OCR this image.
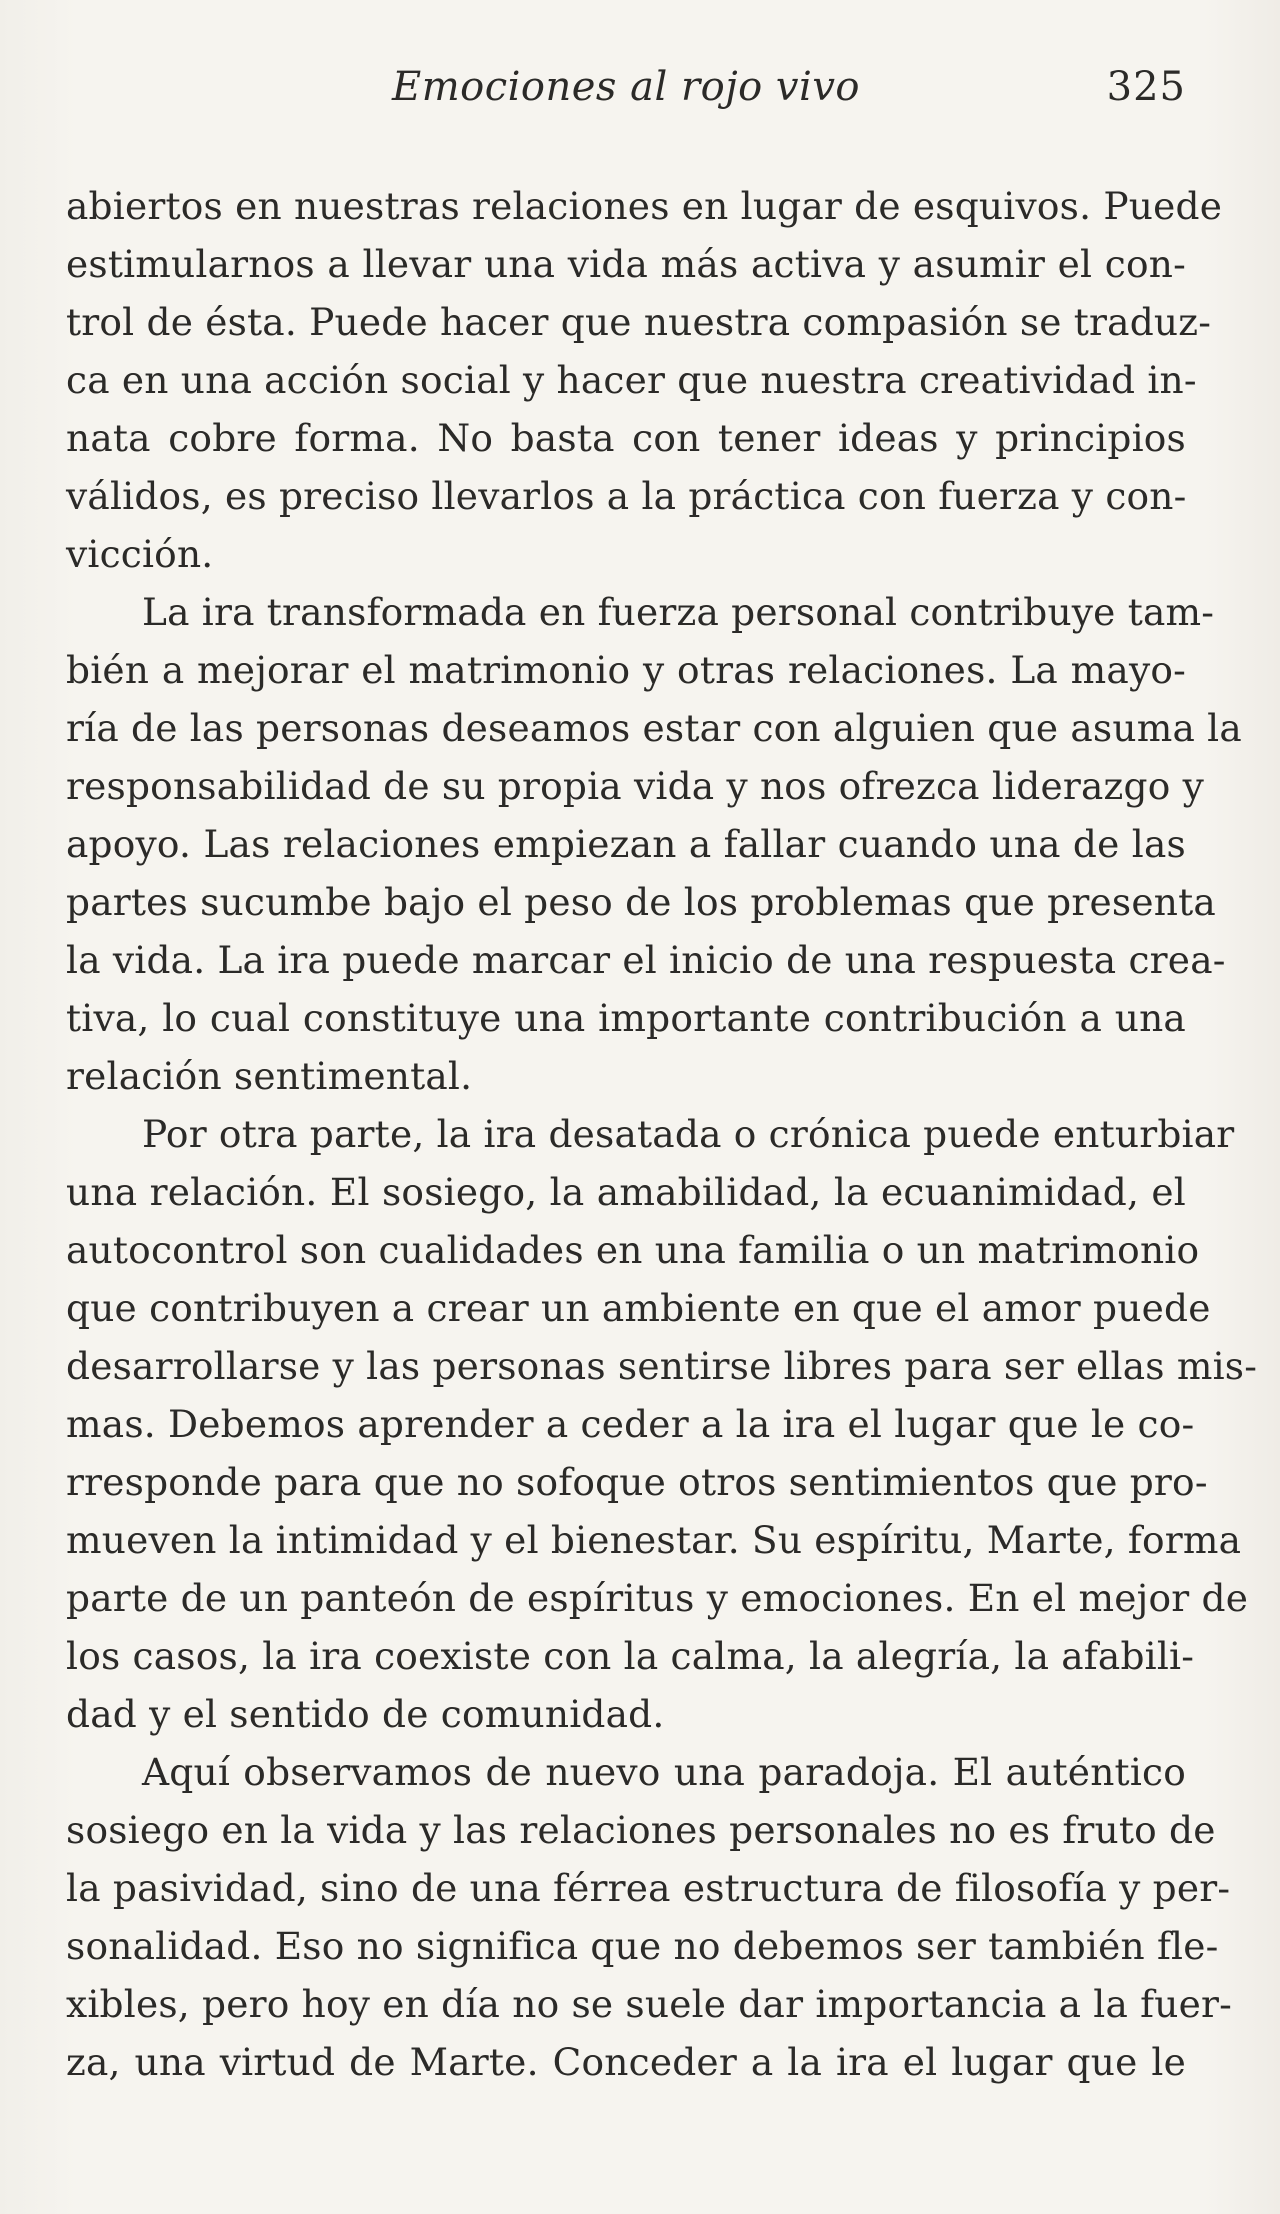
Emociones al rojo vivo	325
abiertos en nuestras relaciones en lugar de esquivos. Puede
estimularnos a llevar una vida más activa y asumir el con-
trol de ésta. Puede hacer que nuestra compasión se traduz-
ca en una acción social y hacer que nuestra creatividad in-
nata cobre forma. No basta con tener ideas y principios
válidos, es preciso llevarlos a la práctica con fuerza y con-
vicción.
La ira transformada en fuerza personal contribuye tam-
bién a mejorar el matrimonio y otras relaciones. La mayo-
ría de las personas deseamos estar con alguien que asuma la
responsabilidad de su propia vida y nos ofrezca liderazgo y
apoyo. Las relaciones empiezan a fallar cuando una de las
partes sucumbe bajo el peso de los problemas que presenta
la vida. La ira puede marcar el inicio de una respuesta crea-
tiva, lo cual constituye una importante contribución a una
relación sentimental.
Por otra parte, la ira desatada o crónica puede enturbiar
una relación. El sosiego, la amabilidad, la ecuanimidad, el
autocontrol son cualidades en una familia o un matrimonio
que contribuyen a crear un ambiente en que el amor puede
desarrollarse y las personas sentirse libres para ser ellas mis-
mas. Debemos aprender a ceder a la ira el lugar que le co-
rresponde para que no sofoque otros sentimientos que pro-
mueven la intimidad y el bienestar. Su espíritu, Marte, forma
parte de un panteón de espíritus y emociones. En el mejor de
los casos, la ira coexiste con la calma, la alegría, la afabili-
dad y el sentido de comunidad.
Aquí observamos de nuevo una paradoja. El auténtico
sosiego en la vida y las relaciones personales no es fruto de
la pasividad, sino de una férrea estructura de filosofía y per-
sonalidad. Eso no significa que no debemos ser también fle-
xibles, pero hoy en día no se suele dar importancia a la fuer-
za, una virtud de Marte. Conceder a la ira el lugar que le
